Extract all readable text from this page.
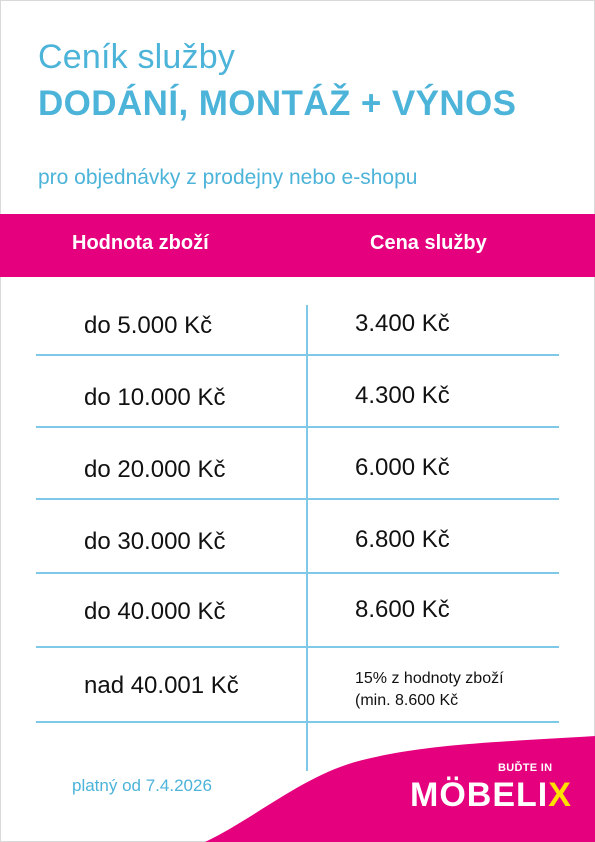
Ceník služby
DODÁNÍ, MONTÁŽ + VÝNOS
pro objednávky z prodejny nebo e-shopu
Hodnota zboží	Cena služby
do 5.000 Kč	3.400 Kč
do 10.000 Kč	4.300 Kč
do 20.000 Kč	6.000 Kč
do 30.000 Kč	6.800 Kč
do 40.000 Kč	8.600 Kč
nad 40.001 Kč	15% z hodnoty zboží
(min. 8.600 Kč
platný od 7.4.2026
BUĎTE IN
MÖBELIX
